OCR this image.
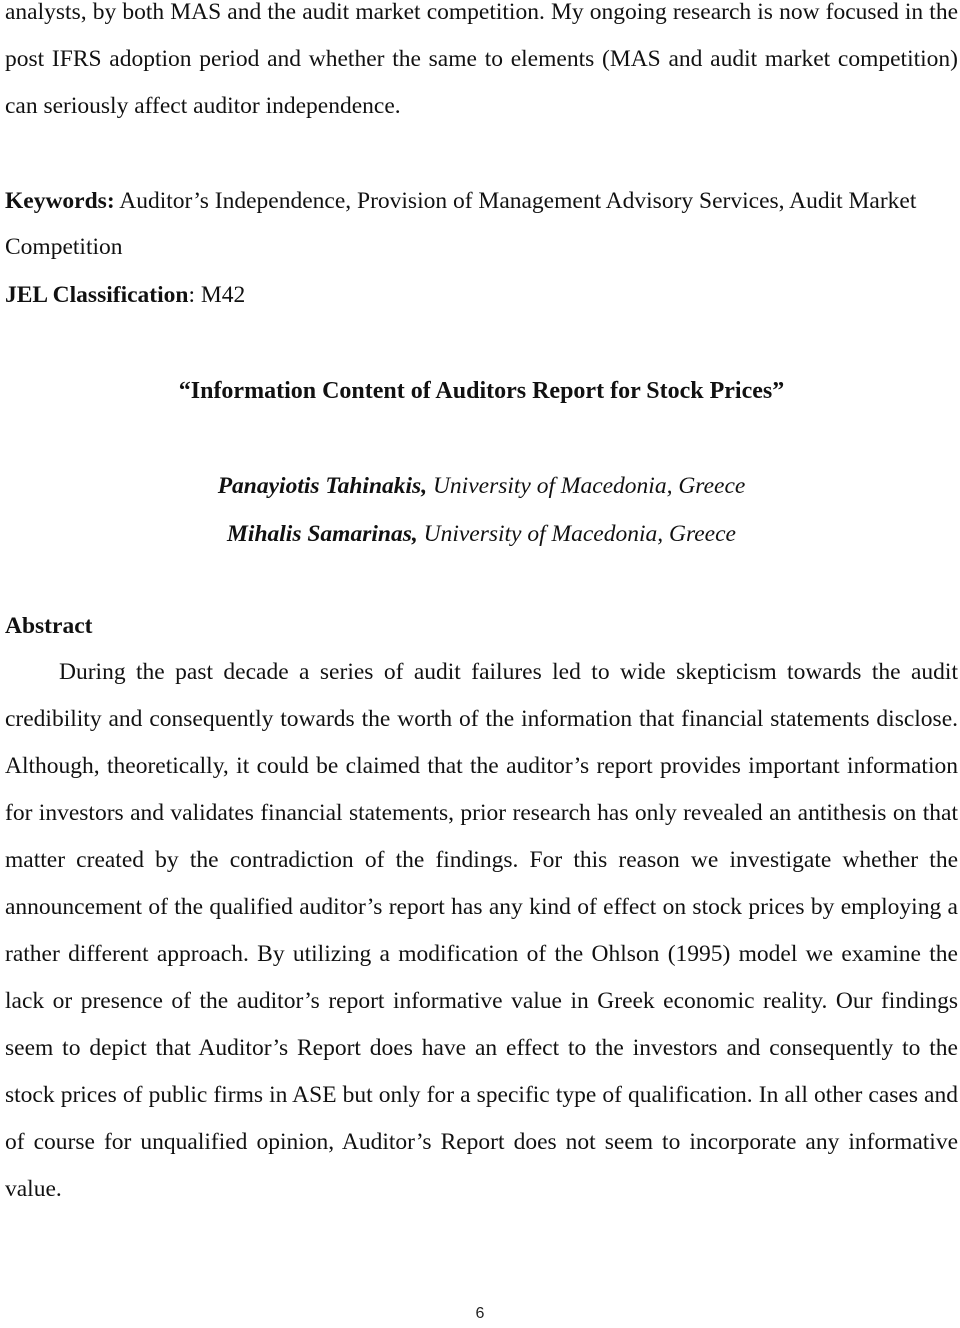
analysts, by both MAS and the audit market competition. My ongoing research is now focused in the post IFRS adoption period and whether the same to elements (MAS and audit market competition) can seriously affect auditor independence.

Keywords: Auditor’s Independence, Provision of Management Advisory Services, Audit Market Competition
JEL Classification: M42
“Information Content of Auditors Report for Stock Prices”
Panayiotis Tahinakis, University of Macedonia, Greece
Mihalis Samarinas, University of Macedonia, Greece
Abstract

During the past decade a series of audit failures led to wide skepticism towards the audit credibility and consequently towards the worth of the information that financial statements disclose. Although, theoretically, it could be claimed that the auditor’s report provides important information for investors and validates financial statements, prior research has only revealed an antithesis on that matter created by the contradiction of the findings. For this reason we investigate whether the announcement of the qualified auditor’s report has any kind of effect on stock prices by employing a rather different approach. By utilizing a modification of the Ohlson (1995) model we examine the lack or presence of the auditor’s report informative value in Greek economic reality. Our findings seem to depict that Auditor’s Report does have an effect to the investors and consequently to the stock prices of public firms in ASE but only for a specific type of qualification. In all other cases and of course for unqualified opinion, Auditor’s Report does not seem to incorporate any informative value.

6
